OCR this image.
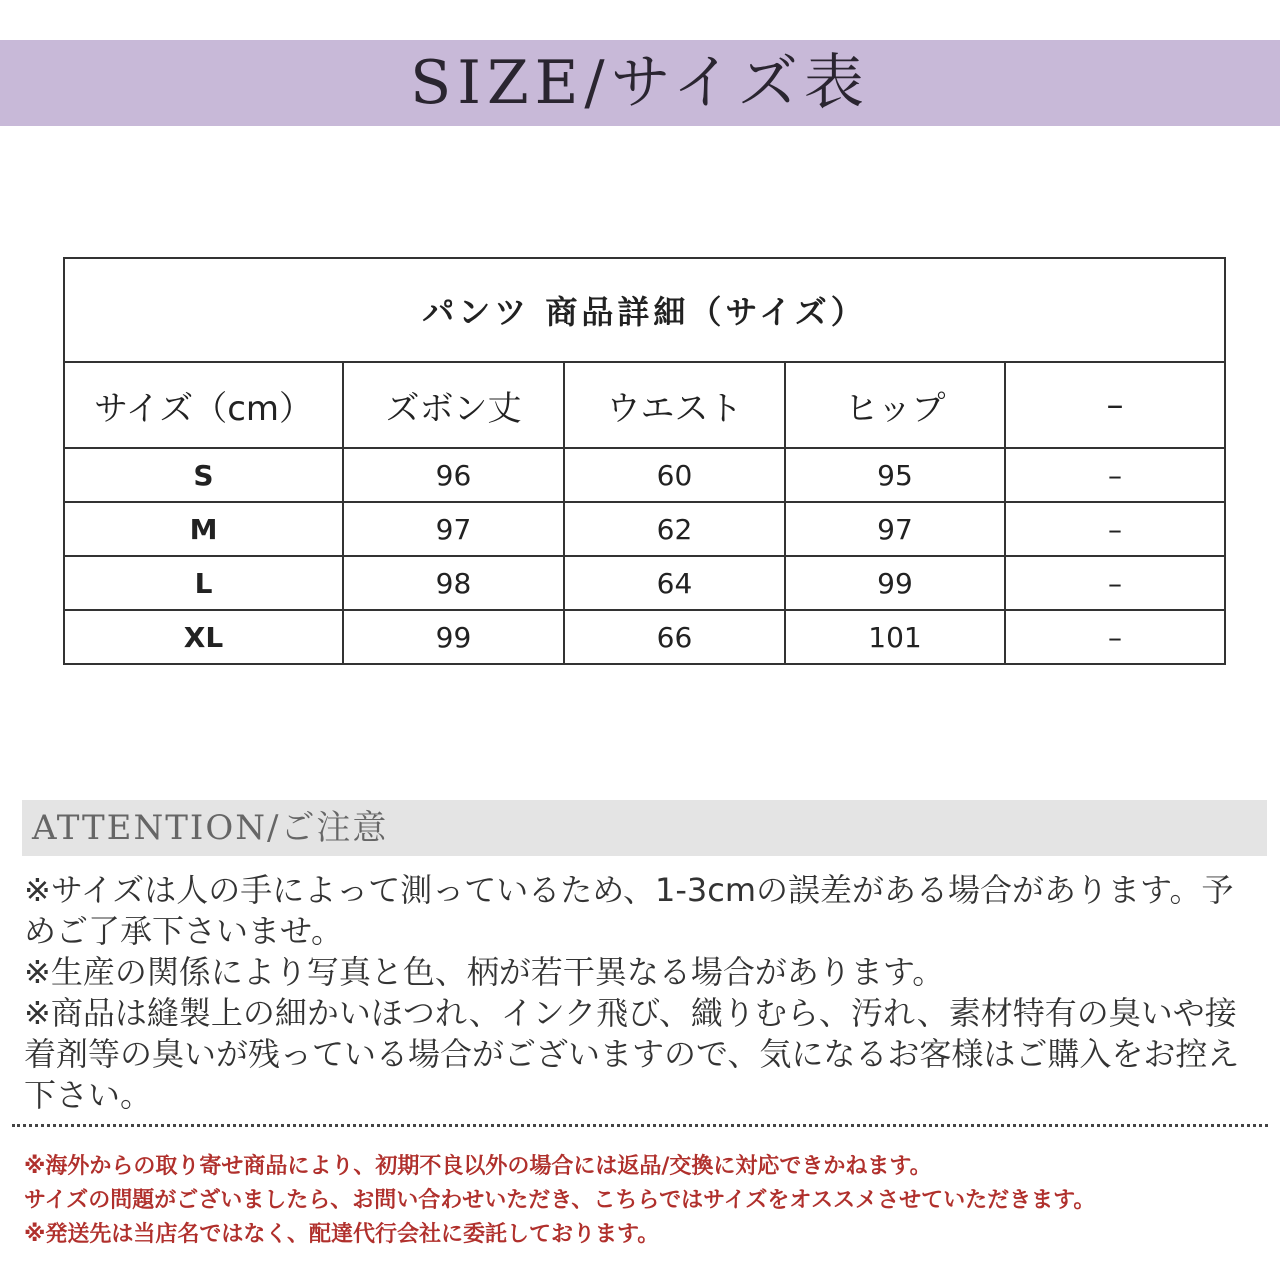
SIZE/サイズ表
パンツ 商品詳細（サイズ）				
サイズ（cm）	ズボン丈	ウエスト	ヒップ	–
S	96	60	95	–
M	97	62	97	–
L	98	64	99	–
XL	99	66	101	–
ATTENTION/ご注意

※サイズは人の手によって測っているため、1-3cmの誤差がある場合があります。予めご了承下さいませ。

※生産の関係により写真と色、柄が若干異なる場合があります。

※商品は縫製上の細かいほつれ、インク飛び、織りむら、汚れ、素材特有の臭いや接着剤等の臭いが残っている場合がございますので、気になるお客様はご購入をお控え下さい。

※海外からの取り寄せ商品により、初期不良以外の場合には返品/交換に対応できかねます。

サイズの問題がございましたら、お問い合わせいただき、こちらではサイズをオススメさせていただきます。

※発送先は当店名ではなく、配達代行会社に委託しております。
